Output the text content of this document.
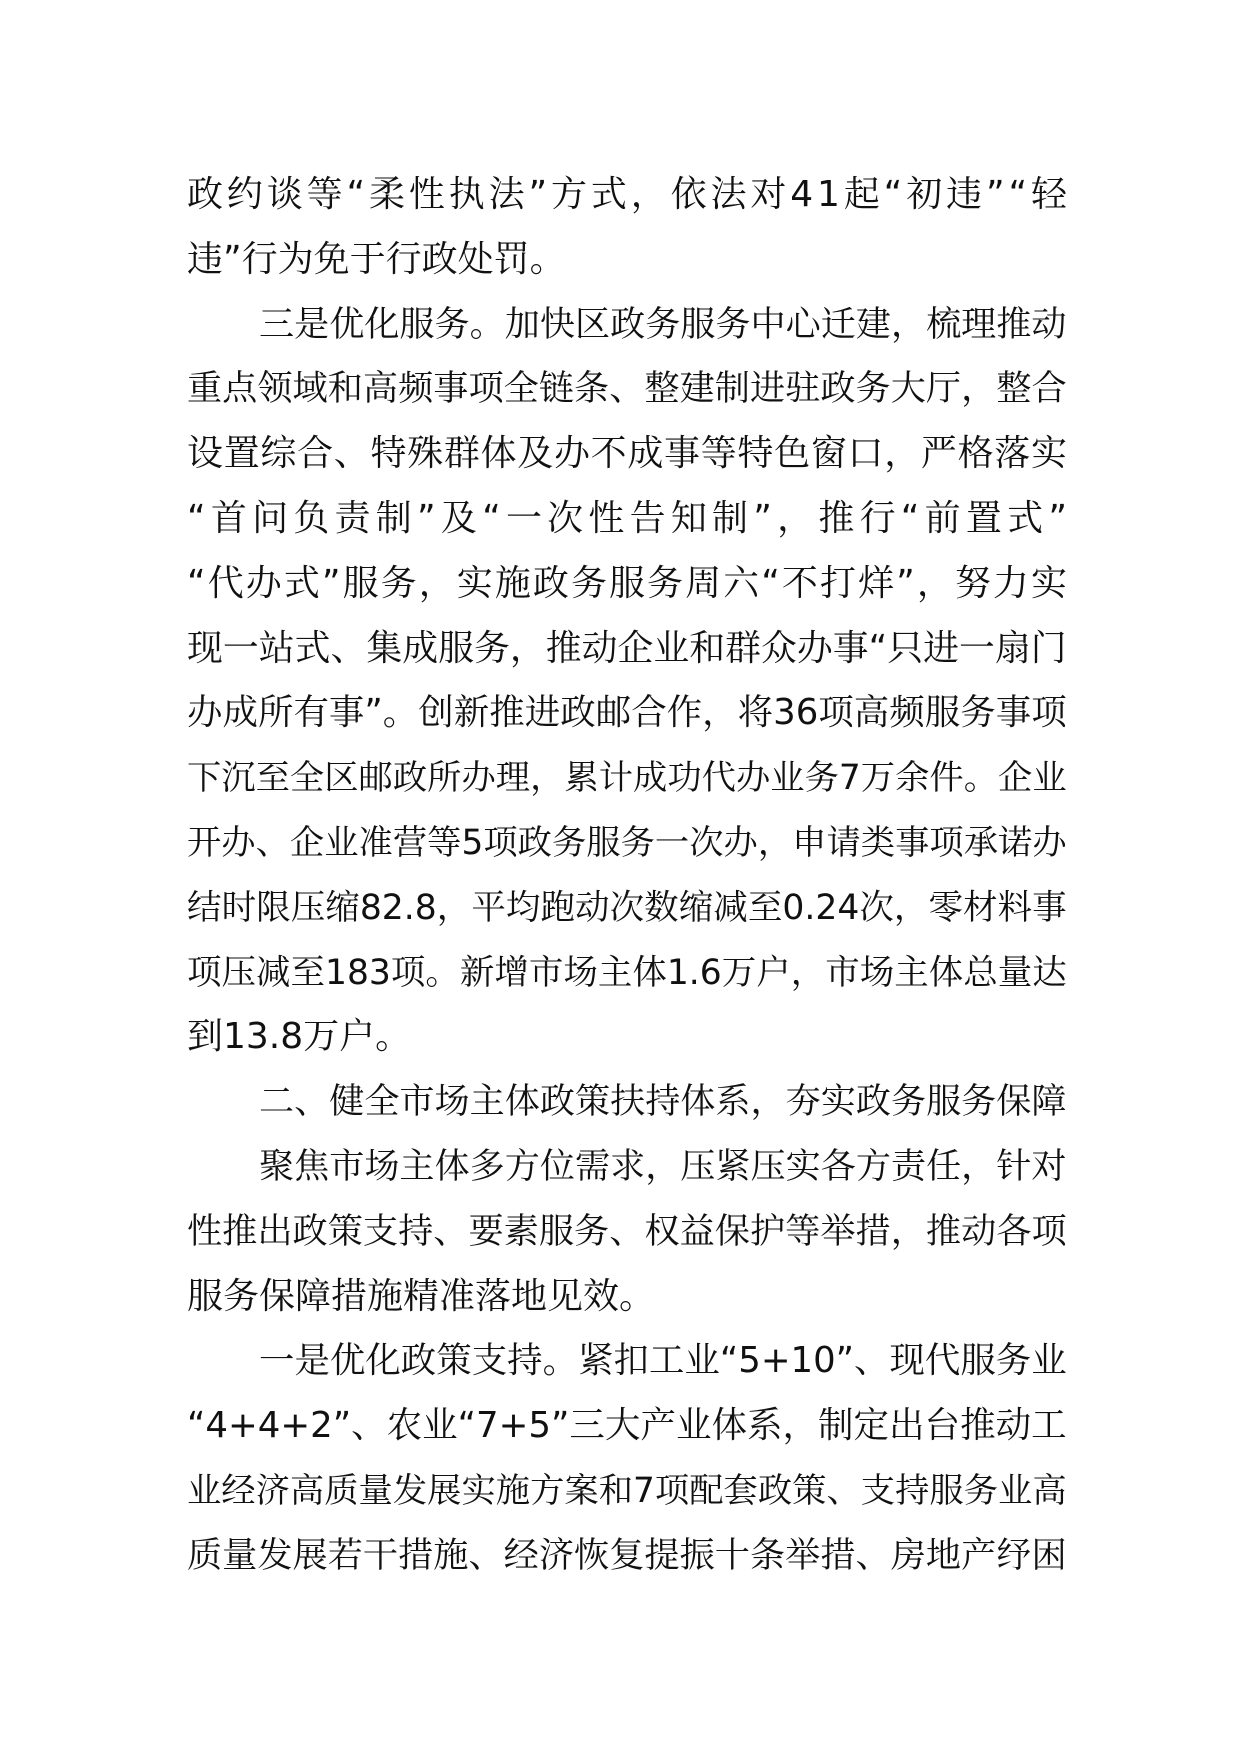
政约谈等“柔性执法”方式，依法对41起“初违”“轻
违”行为免于行政处罚。
三是优化服务。加快区政务服务中心迁建，梳理推动
重点领域和高频事项全链条、整建制进驻政务大厅，整合
设置综合、特殊群体及办不成事等特色窗口，严格落实
“首问负责制”及“一次性告知制”，推行“前置式”
“代办式”服务，实施政务服务周六“不打烊”，努力实
现一站式、集成服务，推动企业和群众办事“只进一扇门
办成所有事”。创新推进政邮合作，将36项高频服务事项
下沉至全区邮政所办理，累计成功代办业务7万余件。企业
开办、企业准营等5项政务服务一次办，申请类事项承诺办
结时限压缩82.8，平均跑动次数缩减至0.24次，零材料事
项压减至183项。新增市场主体1.6万户，市场主体总量达
到13.8万户。
二、健全市场主体政策扶持体系，夯实政务服务保障
聚焦市场主体多方位需求，压紧压实各方责任，针对
性推出政策支持、要素服务、权益保护等举措，推动各项
服务保障措施精准落地见效。
一是优化政策支持。紧扣工业“5+10”、现代服务业
“4+4+2”、农业“7+5”三大产业体系，制定出台推动工
业经济高质量发展实施方案和7项配套政策、支持服务业高
质量发展若干措施、经济恢复提振十条举措、房地产纾困
